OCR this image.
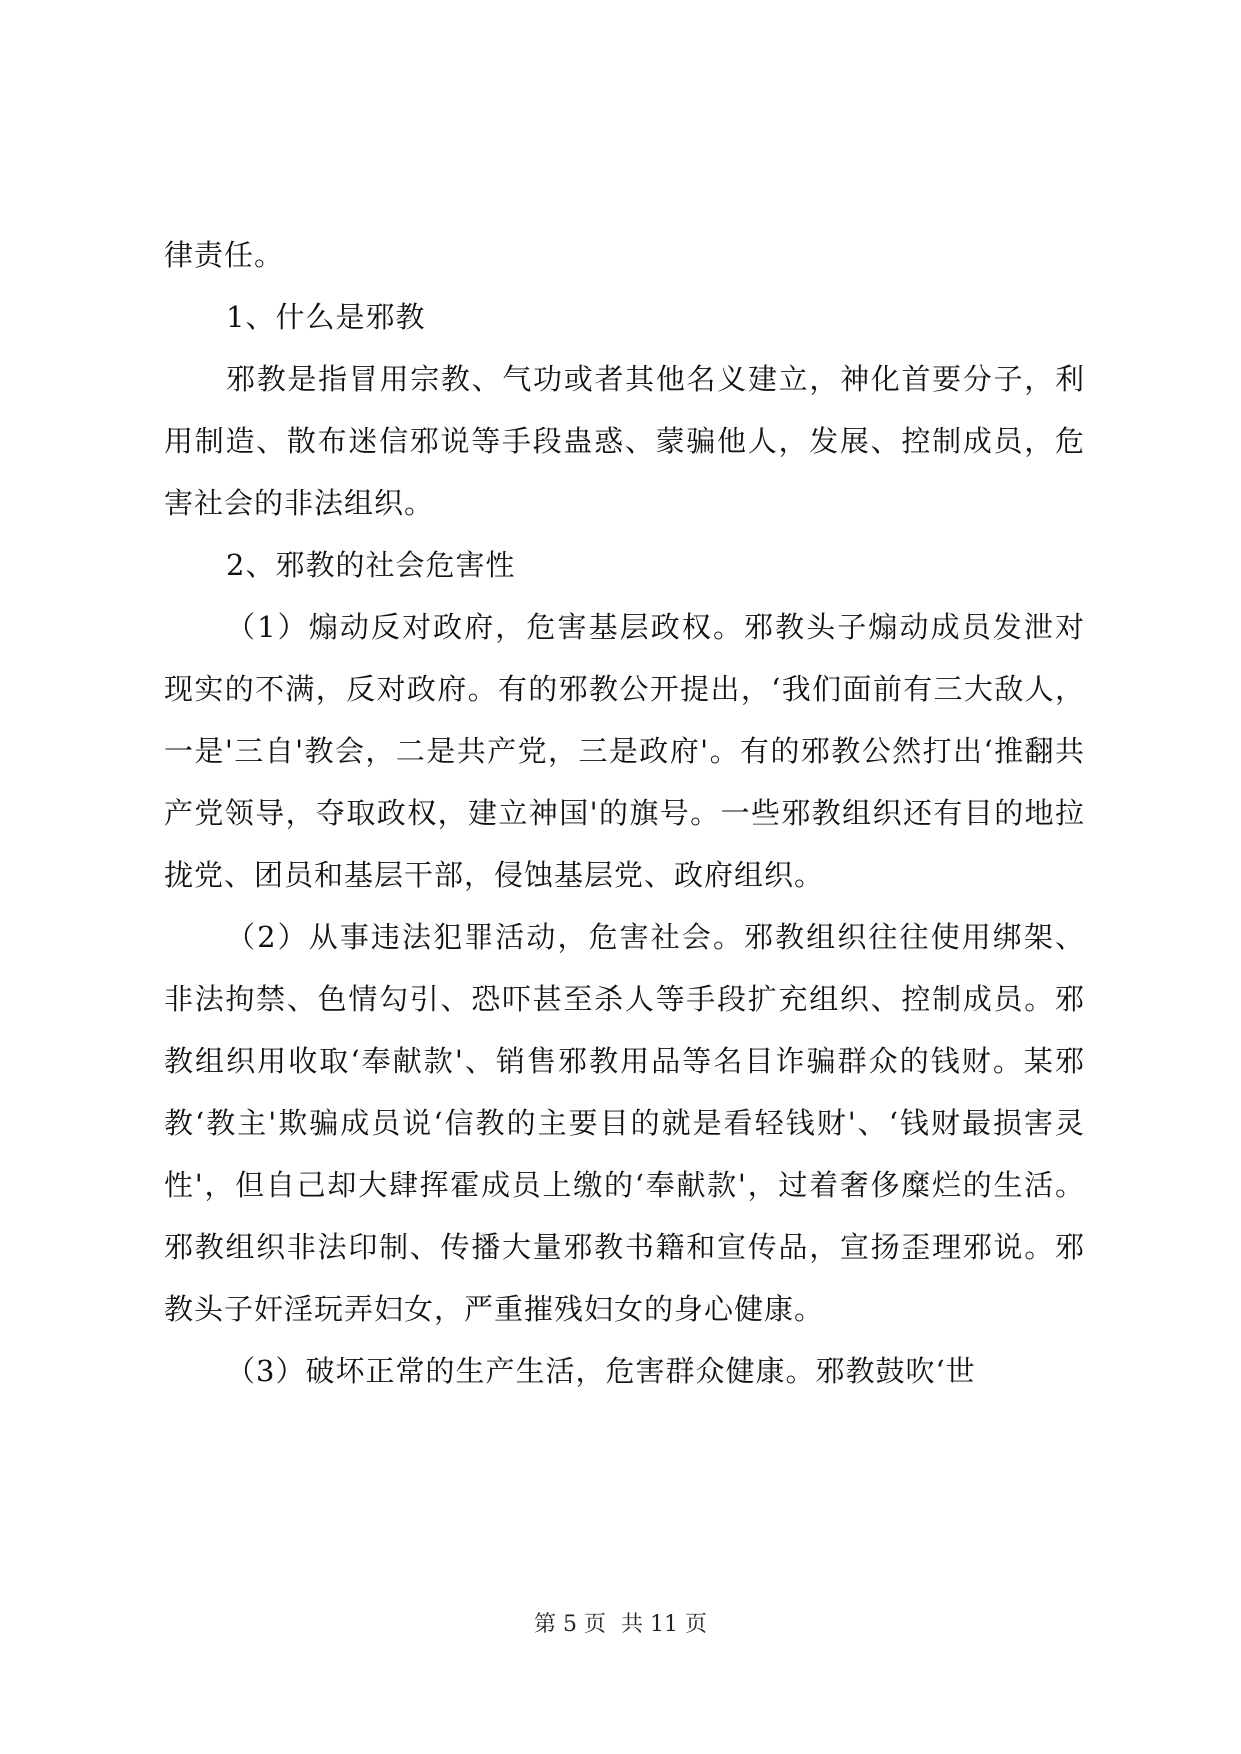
律责任。

1、什么是邪教

邪教是指冒用宗教、气功或者其他名义建立，神化首要分子，利用制造、散布迷信邪说等手段蛊惑、蒙骗他人，发展、控制成员，危害社会的非法组织。

2、邪教的社会危害性

（1）煽动反对政府，危害基层政权。邪教头子煽动成员发泄对现实的不满，反对政府。有的邪教公开提出，‘我们面前有三大敌人，一是'三自'教会，二是共产党，三是政府'。有的邪教公然打出‘推翻共产党领导，夺取政权，建立神国'的旗号。一些邪教组织还有目的地拉拢党、团员和基层干部，侵蚀基层党、政府组织。

（2）从事违法犯罪活动，危害社会。邪教组织往往使用绑架、非法拘禁、色情勾引、恐吓甚至杀人等手段扩充组织、控制成员。邪教组织用收取‘奉献款'、销售邪教用品等名目诈骗群众的钱财。某邪教‘教主'欺骗成员说‘信教的主要目的就是看轻钱财'、‘钱财最损害灵性'，但自己却大肆挥霍成员上缴的‘奉献款'，过着奢侈糜烂的生活。邪教组织非法印制、传播大量邪教书籍和宣传品，宣扬歪理邪说。邪教头子奸淫玩弄妇女，严重摧残妇女的身心健康。

（3）破坏正常的生产生活，危害群众健康。邪教鼓吹‘世

第 5 页 共 11 页
